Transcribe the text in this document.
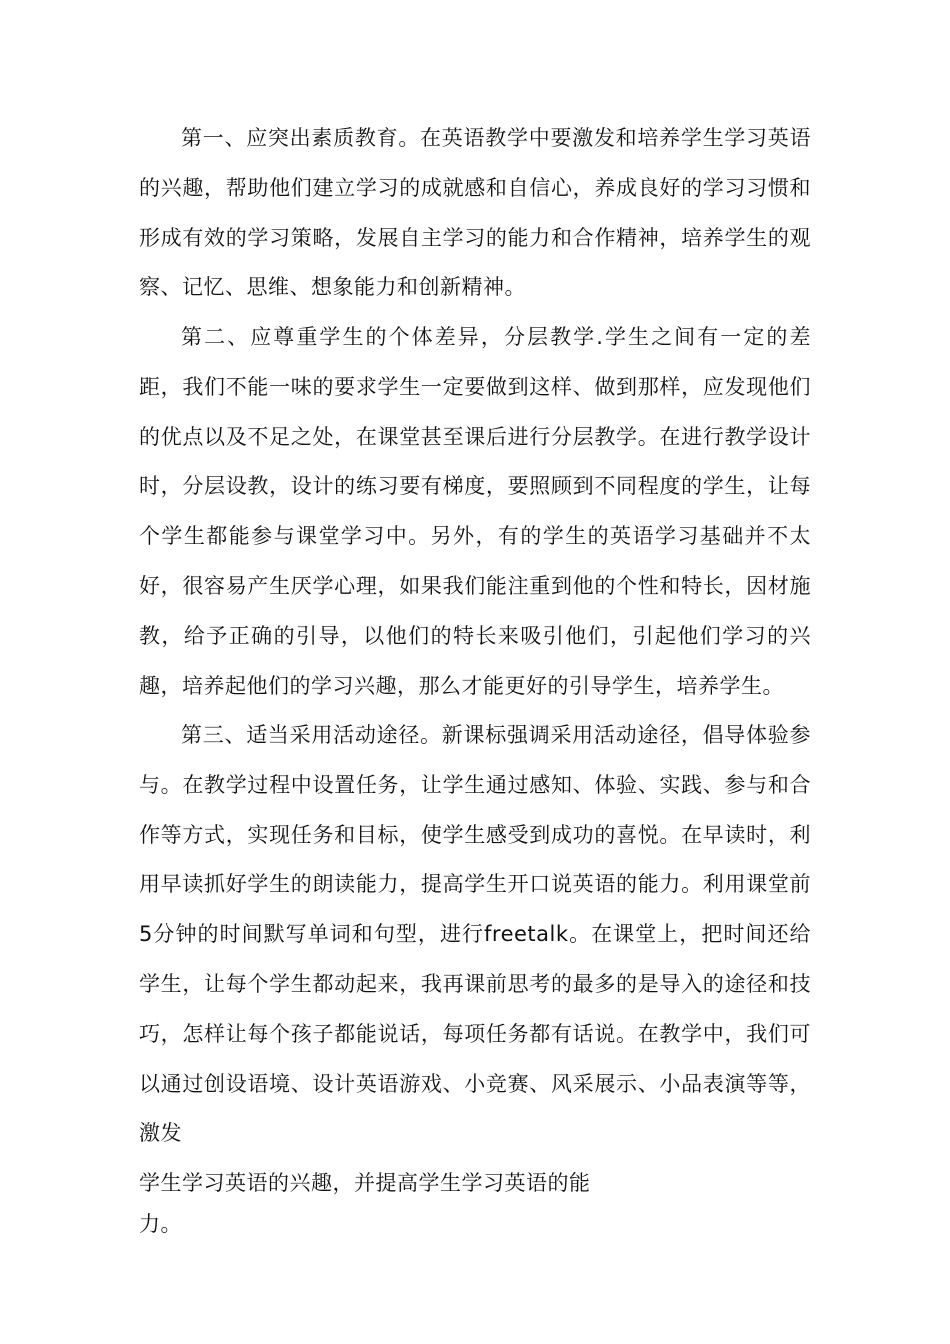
第一、应突出素质教育。在英语教学中要激发和培养学生学习英语的兴趣，帮助他们建立学习的成就感和自信心，养成良好的学习习惯和形成有效的学习策略，发展自主学习的能力和合作精神，培养学生的观察、记忆、思维、想象能力和创新精神。

第二、应尊重学生的个体差异，分层教学.学生之间有一定的差距，我们不能一味的要求学生一定要做到这样、做到那样，应发现他们的优点以及不足之处，在课堂甚至课后进行分层教学。在进行教学设计时，分层设教，设计的练习要有梯度，要照顾到不同程度的学生，让每个学生都能参与课堂学习中。另外，有的学生的英语学习基础并不太好，很容易产生厌学心理，如果我们能注重到他的个性和特长，因材施教，给予正确的引导，以他们的特长来吸引他们，引起他们学习的兴趣，培养起他们的学习兴趣，那么才能更好的引导学生，培养学生。

第三、适当采用活动途径。新课标强调采用活动途径，倡导体验参与。在教学过程中设置任务，让学生通过感知、体验、实践、参与和合作等方式，实现任务和目标，使学生感受到成功的喜悦。在早读时，利用早读抓好学生的朗读能力，提高学生开口说英语的能力。利用课堂前5分钟的时间默写单词和句型，进行freetalk。在课堂上，把时间还给学生，让每个学生都动起来，我再课前思考的最多的是导入的途径和技巧，怎样让每个孩子都能说话，每项任务都有话说。在教学中，我们可以通过创设语境、设计英语游戏、小竞赛、风采展示、小品表演等等，激发
学生学习英语的兴趣，并提高学生学习英语的能
力。
